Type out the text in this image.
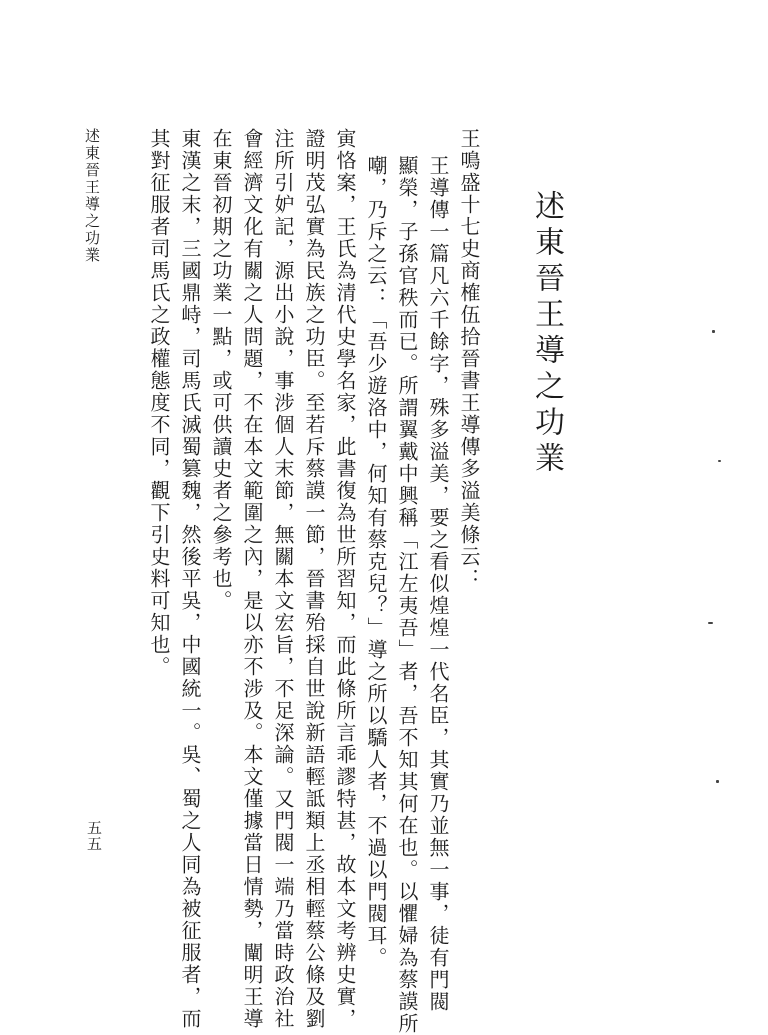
述東晉王導之功業
王鳴盛十七史商榷伍拾晉書王導傳多溢美條云：
王導傳一篇凡六千餘字，殊多溢美，要之看似煌煌一代名臣，其實乃並無一事，徒有門閥
顯榮，子孫官秩而已。所謂翼戴中興稱「江左夷吾」者，吾不知其何在也。以懼婦為蔡謨所
嘲，乃斥之云：「吾少遊洛中，何知有蔡克兒？」導之所以驕人者，不過以門閥耳。
寅恪案，王氏為清代史學名家，此書復為世所習知，而此條所言乖謬特甚，故本文考辨史實，
證明茂弘實為民族之功臣。至若斥蔡謨一節，晉書殆採自世說新語輕詆類上丞相輕蔡公條及劉
注所引妒記，源出小說，事涉個人末節，無關本文宏旨，不足深論。又門閥一端乃當時政治社
會經濟文化有關之人問題，不在本文範圍之內，是以亦不涉及。本文僅據當日情勢，闡明王導
在東晉初期之功業一點，或可供讀史者之參考也。
東漢之末，三國鼎峙，司馬氏滅蜀篡魏，然後平吳，中國統一。吳、蜀之人同為被征服者，而
其對征服者司馬氏之政權態度不同，觀下引史料可知也。
述東晉王導之功業
五五
